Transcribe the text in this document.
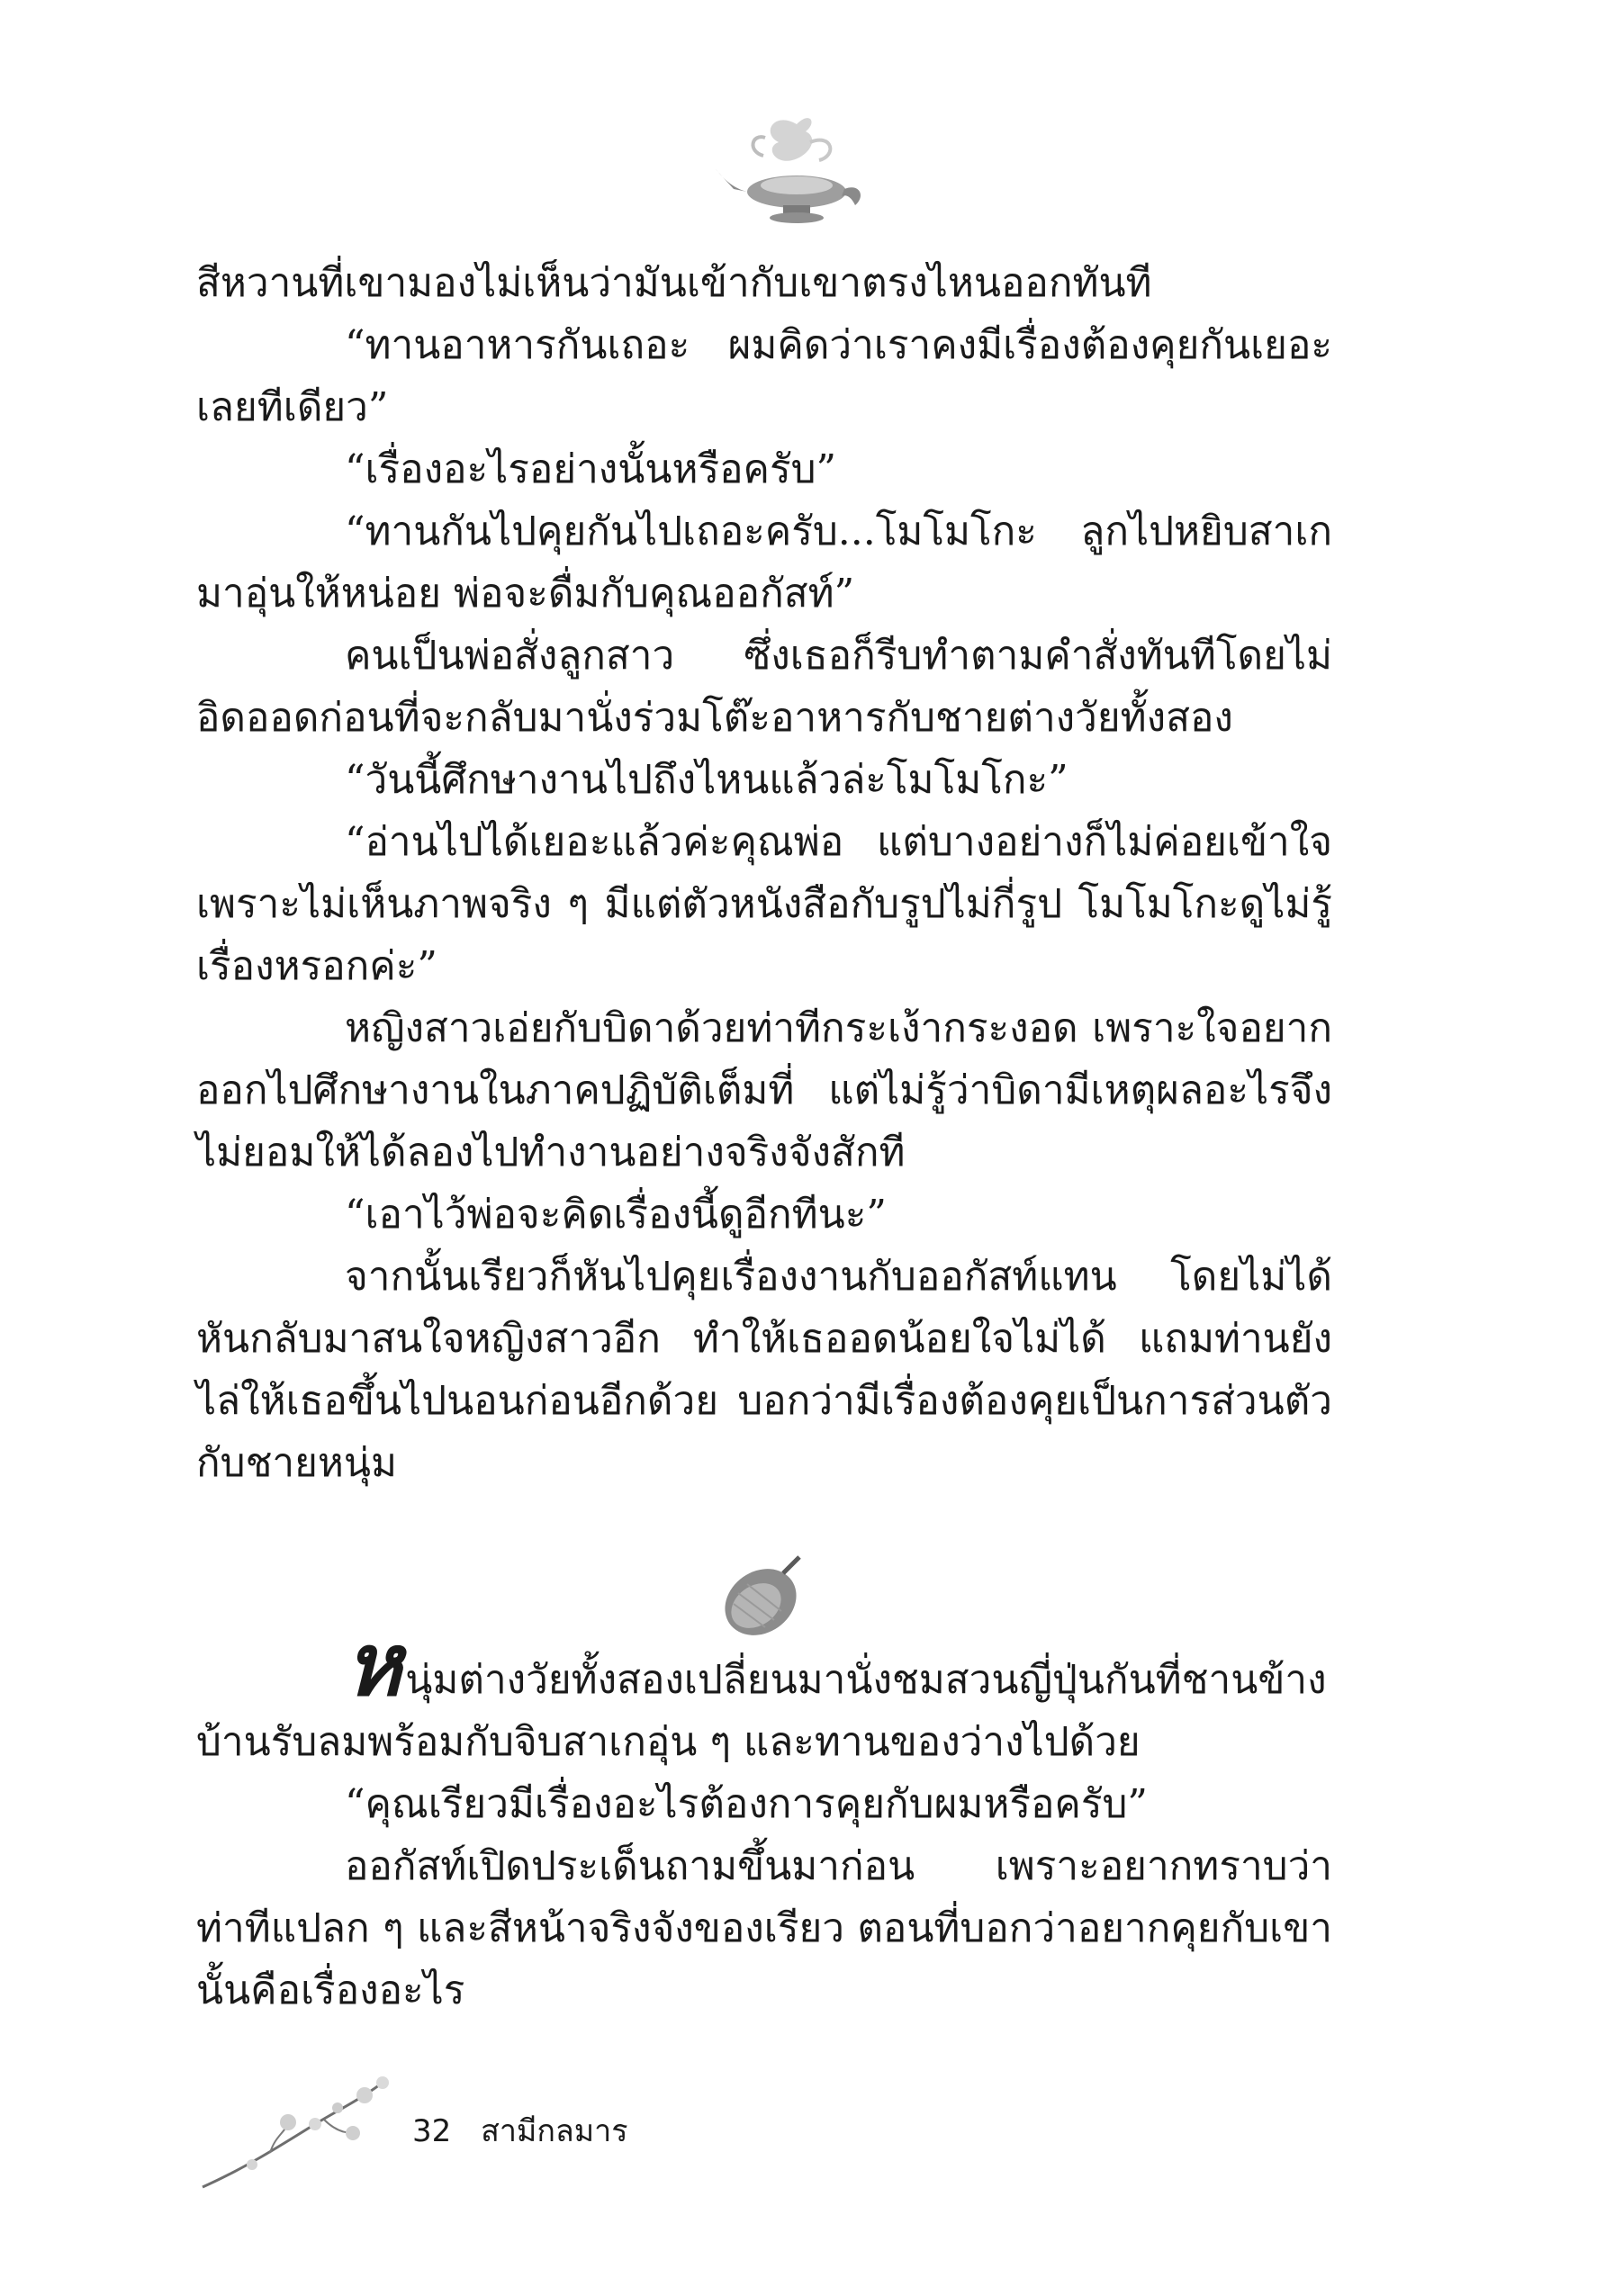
สีหวานที่เขามองไม่เห็นว่ามันเข้ากับเขาตรงไหนออกทันที

“ทานอาหารกันเถอะ ผมคิดว่าเราคงมีเรื่องต้องคุยกันเยอะเลยทีเดียว”

“เรื่องอะไรอย่างนั้นหรือครับ”

“ทานกันไปคุยกันไปเถอะครับ...โมโมโกะ ลูกไปหยิบสาเกมาอุ่นให้หน่อย พ่อจะดื่มกับคุณออกัสท์”

คนเป็นพ่อสั่งลูกสาว ซึ่งเธอก็รีบทำตามคำสั่งทันทีโดยไม่อิดออดก่อนที่จะกลับมานั่งร่วมโต๊ะอาหารกับชายต่างวัยทั้งสอง

“วันนี้ศึกษางานไปถึงไหนแล้วล่ะโมโมโกะ”

“อ่านไปได้เยอะแล้วค่ะคุณพ่อ แต่บางอย่างก็ไม่ค่อยเข้าใจเพราะไม่เห็นภาพจริง ๆ มีแต่ตัวหนังสือกับรูปไม่กี่รูป โมโมโกะดูไม่รู้เรื่องหรอกค่ะ”

หญิงสาวเอ่ยกับบิดาด้วยท่าทีกระเง้ากระงอด เพราะใจอยากออกไปศึกษางานในภาคปฏิบัติเต็มที่ แต่ไม่รู้ว่าบิดามีเหตุผลอะไรจึงไม่ยอมให้ได้ลองไปทำงานอย่างจริงจังสักที

“เอาไว้พ่อจะคิดเรื่องนี้ดูอีกทีนะ”

จากนั้นเรียวก็หันไปคุยเรื่องงานกับออกัสท์แทน โดยไม่ได้หันกลับมาสนใจหญิงสาวอีก ทำให้เธออดน้อยใจไม่ได้ แถมท่านยังไล่ให้เธอขึ้นไปนอนก่อนอีกด้วย บอกว่ามีเรื่องต้องคุยเป็นการส่วนตัวกับชายหนุ่ม

หนุ่มต่างวัยทั้งสองเปลี่ยนมานั่งชมสวนญี่ปุ่นกันที่ชานข้างบ้านรับลมพร้อมกับจิบสาเกอุ่น ๆ และทานของว่างไปด้วย

“คุณเรียวมีเรื่องอะไรต้องการคุยกับผมหรือครับ”

ออกัสท์เปิดประเด็นถามขึ้นมาก่อน เพราะอยากทราบว่าท่าทีแปลก ๆ และสีหน้าจริงจังของเรียว ตอนที่บอกว่าอยากคุยกับเขานั้นคือเรื่องอะไร

32 สามีกลมาร
